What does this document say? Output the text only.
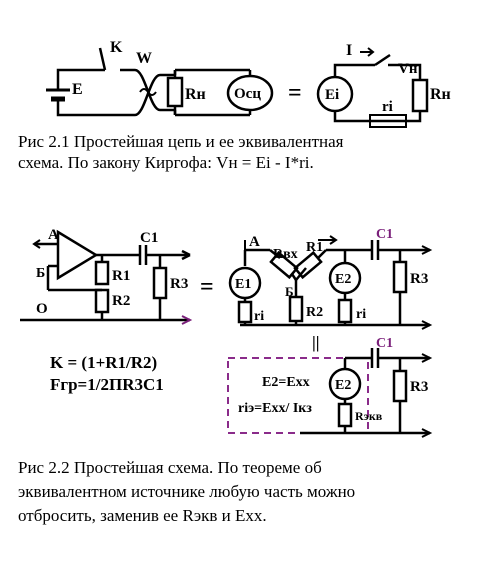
E
K
W
Rн Осц =
I
Ei
Vн
ri
Rн
A
Б
O
C1
R1
R2
R3 =
A
Rвх R1
C1
E1	E2
Б
ri	R2 ri
R3
||	C1
E2=Exx E2	R3
riэ=Exx/ Iкз	Rэкв
K = (1+R1/R2)
Fгр=1/2ПR3C1
Рис 2.1 Простейшая цепь и ее эквивалентная
схема. По закону Киргофа: Vн = Ei - I*ri.
Рис 2.2 Простейшая схема. По теореме об
эквивалентном источнике любую часть можно
отбросить, заменив ее Rэкв и Exx.
